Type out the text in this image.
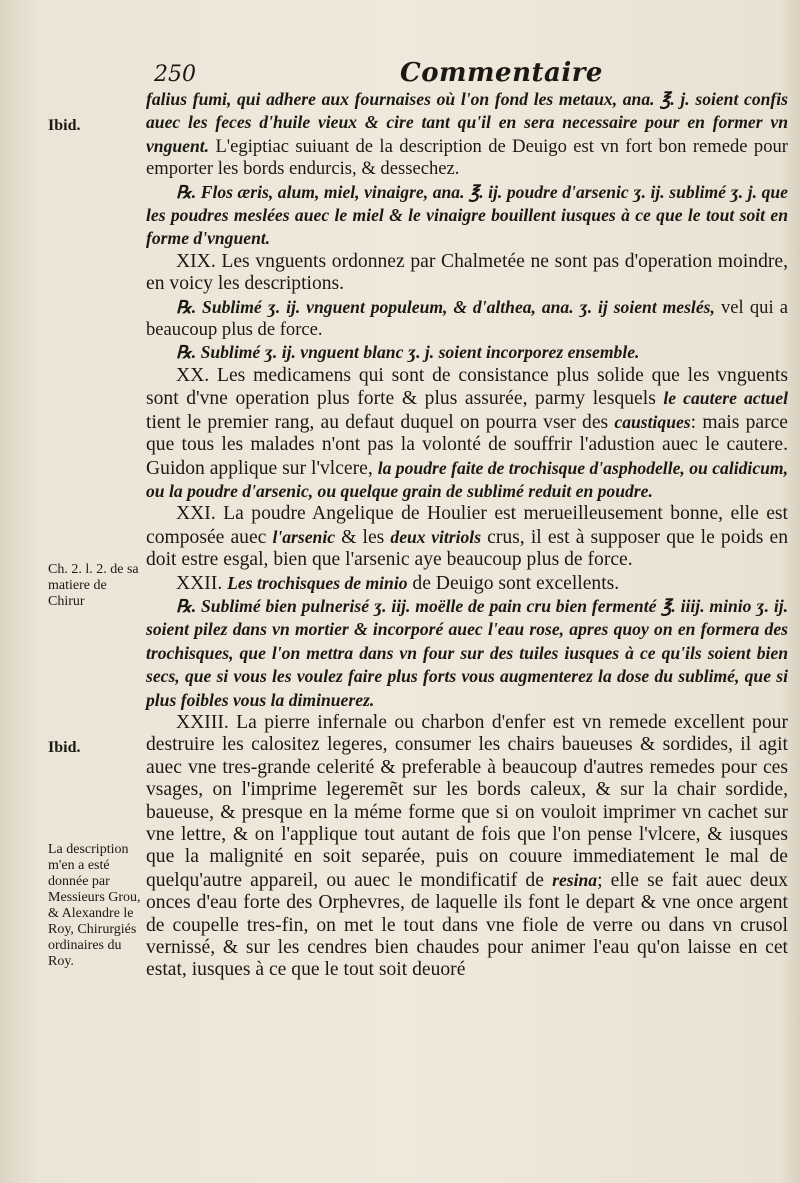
250	Commentaire
Ibid.
Ch. 2. l. 2. de sa matiere de Chirur
Ibid.
La description m'en a esté donnée par Messieurs Grou, & Alexandre le Roy, Chirurgiés ordinaires du Roy.

falius fumi, qui adhere aux fournaises où l'on fond les metaux, ana. ℥. j. soient confis auec les feces d'huile vieux & cire tant qu'il en sera necessaire pour en former vn vnguent. L'egiptiac suiuant de la description de Deuigo est vn fort bon remede pour emporter les bords endurcis, & dessechez.

℞. Flos æris, alum, miel, vinaigre, ana. ℥. ij. poudre d'arsenic ʒ. ij. sublimé ʒ. j. que les poudres meslées auec le miel & le vinaigre bouillent iusques à ce que le tout soit en forme d'vnguent.

XIX. Les vnguents ordonnez par Chalmetée ne sont pas d'operation moindre, en voicy les descriptions.

℞. Sublimé ʒ. ij. vnguent populeum, & d'althea, ana. ʒ. ij soient meslés, vel qui a beaucoup plus de force.

℞. Sublimé ʒ. ij. vnguent blanc ʒ. j. soient incorporez ensemble.

XX. Les medicamens qui sont de consistance plus solide que les vnguents sont d'vne operation plus forte & plus assurée, parmy lesquels le cautere actuel tient le premier rang, au defaut duquel on pourra vser des caustiques: mais parce que tous les malades n'ont pas la volonté de souffrir l'adustion auec le cautere. Guidon applique sur l'vlcere, la poudre faite de trochisque d'asphodelle, ou calidicum, ou la poudre d'arsenic, ou quelque grain de sublimé reduit en poudre.

XXI. La poudre Angelique de Houlier est merueilleusement bonne, elle est composée auec l'arsenic & les deux vitriols crus, il est à supposer que le poids en doit estre esgal, bien que l'arsenic aye beaucoup plus de force.

XXII. Les trochisques de minio de Deuigo sont excellents.

℞. Sublimé bien pulnerisé ʒ. iij. moëlle de pain cru bien fermenté ℥. iiij. minio ʒ. ij. soient pilez dans vn mortier & incorporé auec l'eau rose, apres quoy on en formera des trochisques, que l'on mettra dans vn four sur des tuiles iusques à ce qu'ils soient bien secs, que si vous les voulez faire plus forts vous augmenterez la dose du sublimé, que si plus foibles vous la diminuerez.

XXIII. La pierre infernale ou charbon d'enfer est vn remede excellent pour destruire les calositez legeres, consumer les chairs baueuses & sordides, il agit auec vne tres-grande celerité & preferable à beaucoup d'autres remedes pour ces vsages, on l'imprime legeremẽt sur les bords caleux, & sur la chair sordide, baueuse, & presque en la méme forme que si on vouloit imprimer vn cachet sur vne lettre, & on l'applique tout autant de fois que l'on pense l'vlcere, & iusques que la malignité en soit separée, puis on couure immediatement le mal de quelqu'autre appareil, ou auec le mondificatif de resina; elle se fait auec deux onces d'eau forte des Orphevres, de laquelle ils font le depart & vne once argent de coupelle tres-fin, on met le tout dans vne fiole de verre ou dans vn crusol vernissé, & sur les cendres bien chaudes pour animer l'eau qu'on laisse en cet estat, iusques à ce que le tout soit deuoré
